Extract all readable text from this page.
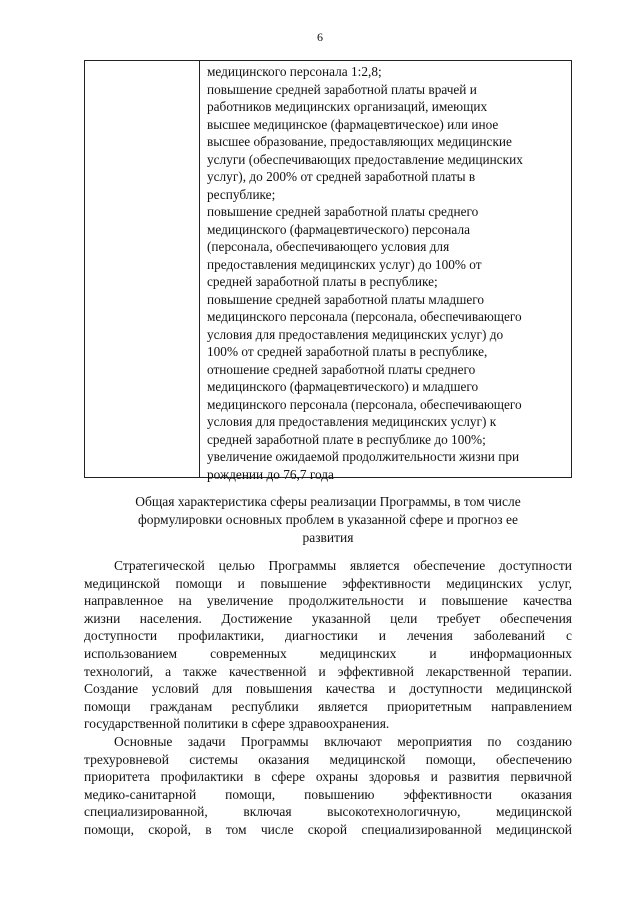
6
медицинского персонала 1:2,8;
повышение средней заработной платы врачей и
работников медицинских организаций, имеющих
высшее медицинское (фармацевтическое) или иное
высшее образование, предоставляющих медицинские
услуги (обеспечивающих предоставление медицинских
услуг), до 200% от средней заработной платы в
республике;
повышение средней заработной платы среднего
медицинского (фармацевтического) персонала
(персонала, обеспечивающего условия для
предоставления медицинских услуг) до 100% от
средней заработной платы в республике;
повышение средней заработной платы младшего
медицинского персонала (персонала, обеспечивающего
условия для предоставления медицинских услуг) до
100% от средней заработной платы в республике,
отношение средней заработной платы среднего
медицинского (фармацевтического) и младшего
медицинского персонала (персонала, обеспечивающего
условия для предоставления медицинских услуг) к
средней заработной плате в республике до 100%;
увеличение ожидаемой продолжительности жизни при
рождении до 76,7 года
Общая характеристика сферы реализации Программы, в том числе
формулировки основных проблем в указанной сфере и прогноз ее
развития
Стратегической целью Программы является обеспечение доступности
медицинской помощи и повышение эффективности медицинских услуг,
направленное на увеличение продолжительности и повышение качества
жизни населения. Достижение указанной цели требует обеспечения
доступности профилактики, диагностики и лечения заболеваний с
использованием современных медицинских и информационных
технологий, а также качественной и эффективной лекарственной терапии.
Создание условий для повышения качества и доступности медицинской
помощи гражданам республики является приоритетным направлением
государственной политики в сфере здравоохранения.
Основные задачи Программы включают мероприятия по созданию
трехуровневой системы оказания медицинской помощи, обеспечению
приоритета профилактики в сфере охраны здоровья и развития первичной
медико-санитарной помощи, повышению эффективности оказания
специализированной, включая высокотехнологичную, медицинской
помощи, скорой, в том числе скорой специализированной медицинской
